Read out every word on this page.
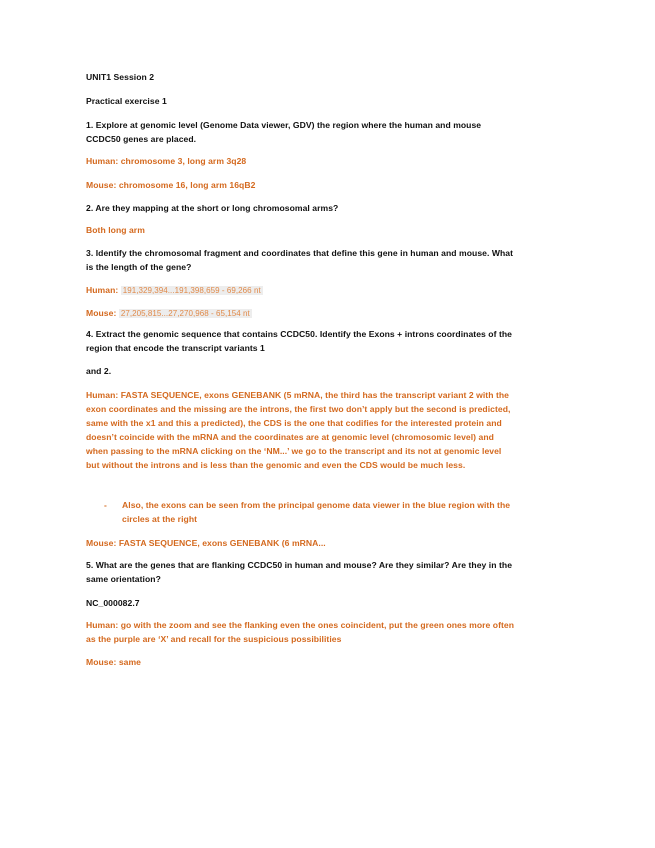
UNIT1 Session 2
Practical exercise 1
1. Explore at genomic level (Genome Data viewer, GDV) the region where the human and mouse CCDC50 genes are placed.
Human: chromosome 3, long arm 3q28
Mouse: chromosome 16, long arm 16qB2
2. Are they mapping at the short or long chromosomal arms?
Both long arm
3. Identify the chromosomal fragment and coordinates that define this gene in human and mouse. What is the length of the gene?
Human: 191,329,394...191,398,659 - 69,266 nt
Mouse: 27,205,815...27,270,968 - 65,154 nt
4. Extract the genomic sequence that contains CCDC50. Identify the Exons + introns coordinates of the region that encode the transcript variants 1
and 2.
Human: FASTA SEQUENCE, exons GENEBANK (5 mRNA, the third has the transcript variant 2 with the exon coordinates and the missing are the introns, the first two don’t apply but the second is predicted, same with the x1 and this a predicted), the CDS is the one that codifies for the interested protein and doesn’t coincide with the mRNA and the coordinates are at genomic level (chromosomic level) and when passing to the mRNA clicking on the ‘NM...’ we go to the transcript and its not at genomic level but without the introns and is less than the genomic and even the CDS would be much less.
- Also, the exons can be seen from the principal genome data viewer in the blue region with the circles at the right
Mouse: FASTA SEQUENCE, exons GENEBANK (6 mRNA...
5. What are the genes that are flanking CCDC50 in human and mouse? Are they similar? Are they in the same orientation?
NC_000082.7
Human: go with the zoom and see the flanking even the ones coincident, put the green ones more often as the purple are ‘X’ and recall for the suspicious possibilities
Mouse: same
